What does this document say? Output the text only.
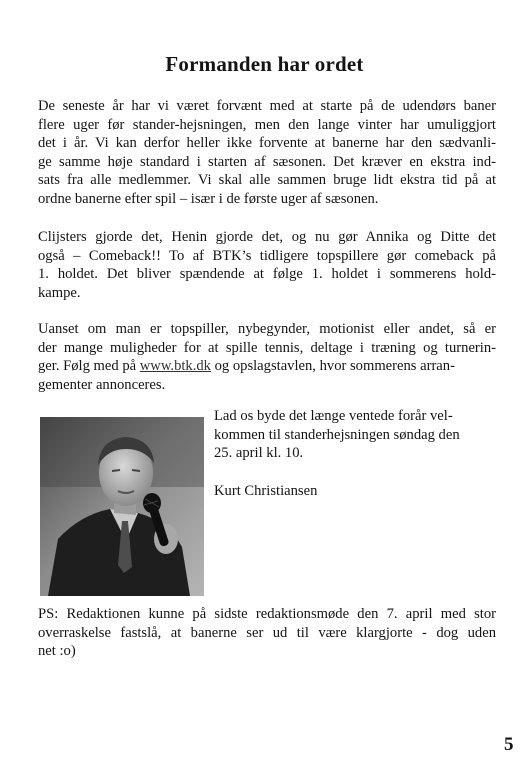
Formanden har ordet

De seneste år har vi været forvænt med at starte på de udendørs baner
flere uger før stander-hejsningen, men den lange vinter har umuliggjort
det i år. Vi kan derfor heller ikke forvente at banerne har den sædvanli-
ge samme høje standard i starten af sæsonen. Det kræver en ekstra ind-
sats fra alle medlemmer. Vi skal alle sammen bruge lidt ekstra tid på at
ordne banerne efter spil – især i de første uger af sæsonen.

Clijsters gjorde det, Henin gjorde det, og nu gør Annika og Ditte det
også – Comeback!! To af BTK’s tidligere topspillere gør comeback på
1. holdet. Det bliver spændende at følge 1. holdet i sommerens hold-
kampe.

Uanset om man er topspiller, nybegynder, motionist eller andet, så er
der mange muligheder for at spille tennis, deltage i træning og turnerin-
ger. Følg med på www.btk.dk og opslagstavlen, hvor sommerens arran-
gementer annonceres.

Lad os byde det længe ventede forår vel-
kommen til standerhejsningen søndag den
25. april kl. 10.

Kurt Christiansen

PS: Redaktionen kunne på sidste redaktionsmøde den 7. april med stor
overraskelse fastslå, at banerne ser ud til være klargjorte - dog uden
net :o)

5
